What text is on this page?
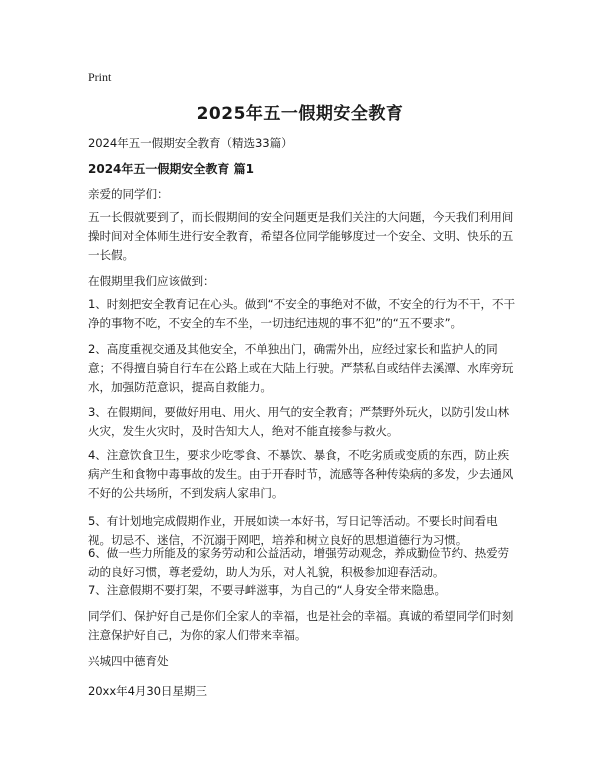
Print
2025年五一假期安全教育

2024年五一假期安全教育（精选33篇）

2024年五一假期安全教育 篇1

亲爱的同学们：

五一长假就要到了，而长假期间的安全问题更是我们关注的大问题，今天我们利用间操时间对全体师生进行安全教育，希望各位同学能够度过一个安全、文明、快乐的五一长假。

在假期里我们应该做到：

1、时刻把安全教育记在心头。做到“不安全的事绝对不做，不安全的行为不干，不干净的事物不吃，不安全的车不坐，一切违纪违规的事不犯”的“五不要求”。

2、高度重视交通及其他安全，不单独出门，确需外出，应经过家长和监护人的同意；不得擅自骑自行车在公路上或在大陆上行驶。严禁私自或结伴去溪潭、水库旁玩水，加强防范意识，提高自救能力。

3、在假期间，要做好用电、用火、用气的安全教育；严禁野外玩火，以防引发山林火灾，发生火灾时，及时告知大人，绝对不能直接参与救火。

4、注意饮食卫生，要求少吃零食、不暴饮、暴食，不吃劣质或变质的东西，防止疾病产生和食物中毒事故的发生。由于开春时节，流感等各种传染病的多发，少去通风不好的公共场所，不到发病人家串门。

5、有计划地完成假期作业，开展如读一本好书，写日记等活动。不要长时间看电视。切忌不、迷信，不沉溺于网吧，培养和树立良好的思想道德行为习惯。

6、做一些力所能及的家务劳动和公益活动，增强劳动观念，养成勤俭节约、热爱劳动的良好习惯，尊老爱幼，助人为乐，对人礼貌，积极参加迎春活动。

7、注意假期不要打架，不要寻衅滋事，为自己的“人身安全带来隐患。

同学们、保护好自己是你们全家人的幸福，也是社会的幸福。真诚的希望同学们时刻注意保护好自己，为你的家人们带来幸福。

兴城四中德育处

20xx年4月30日星期三
